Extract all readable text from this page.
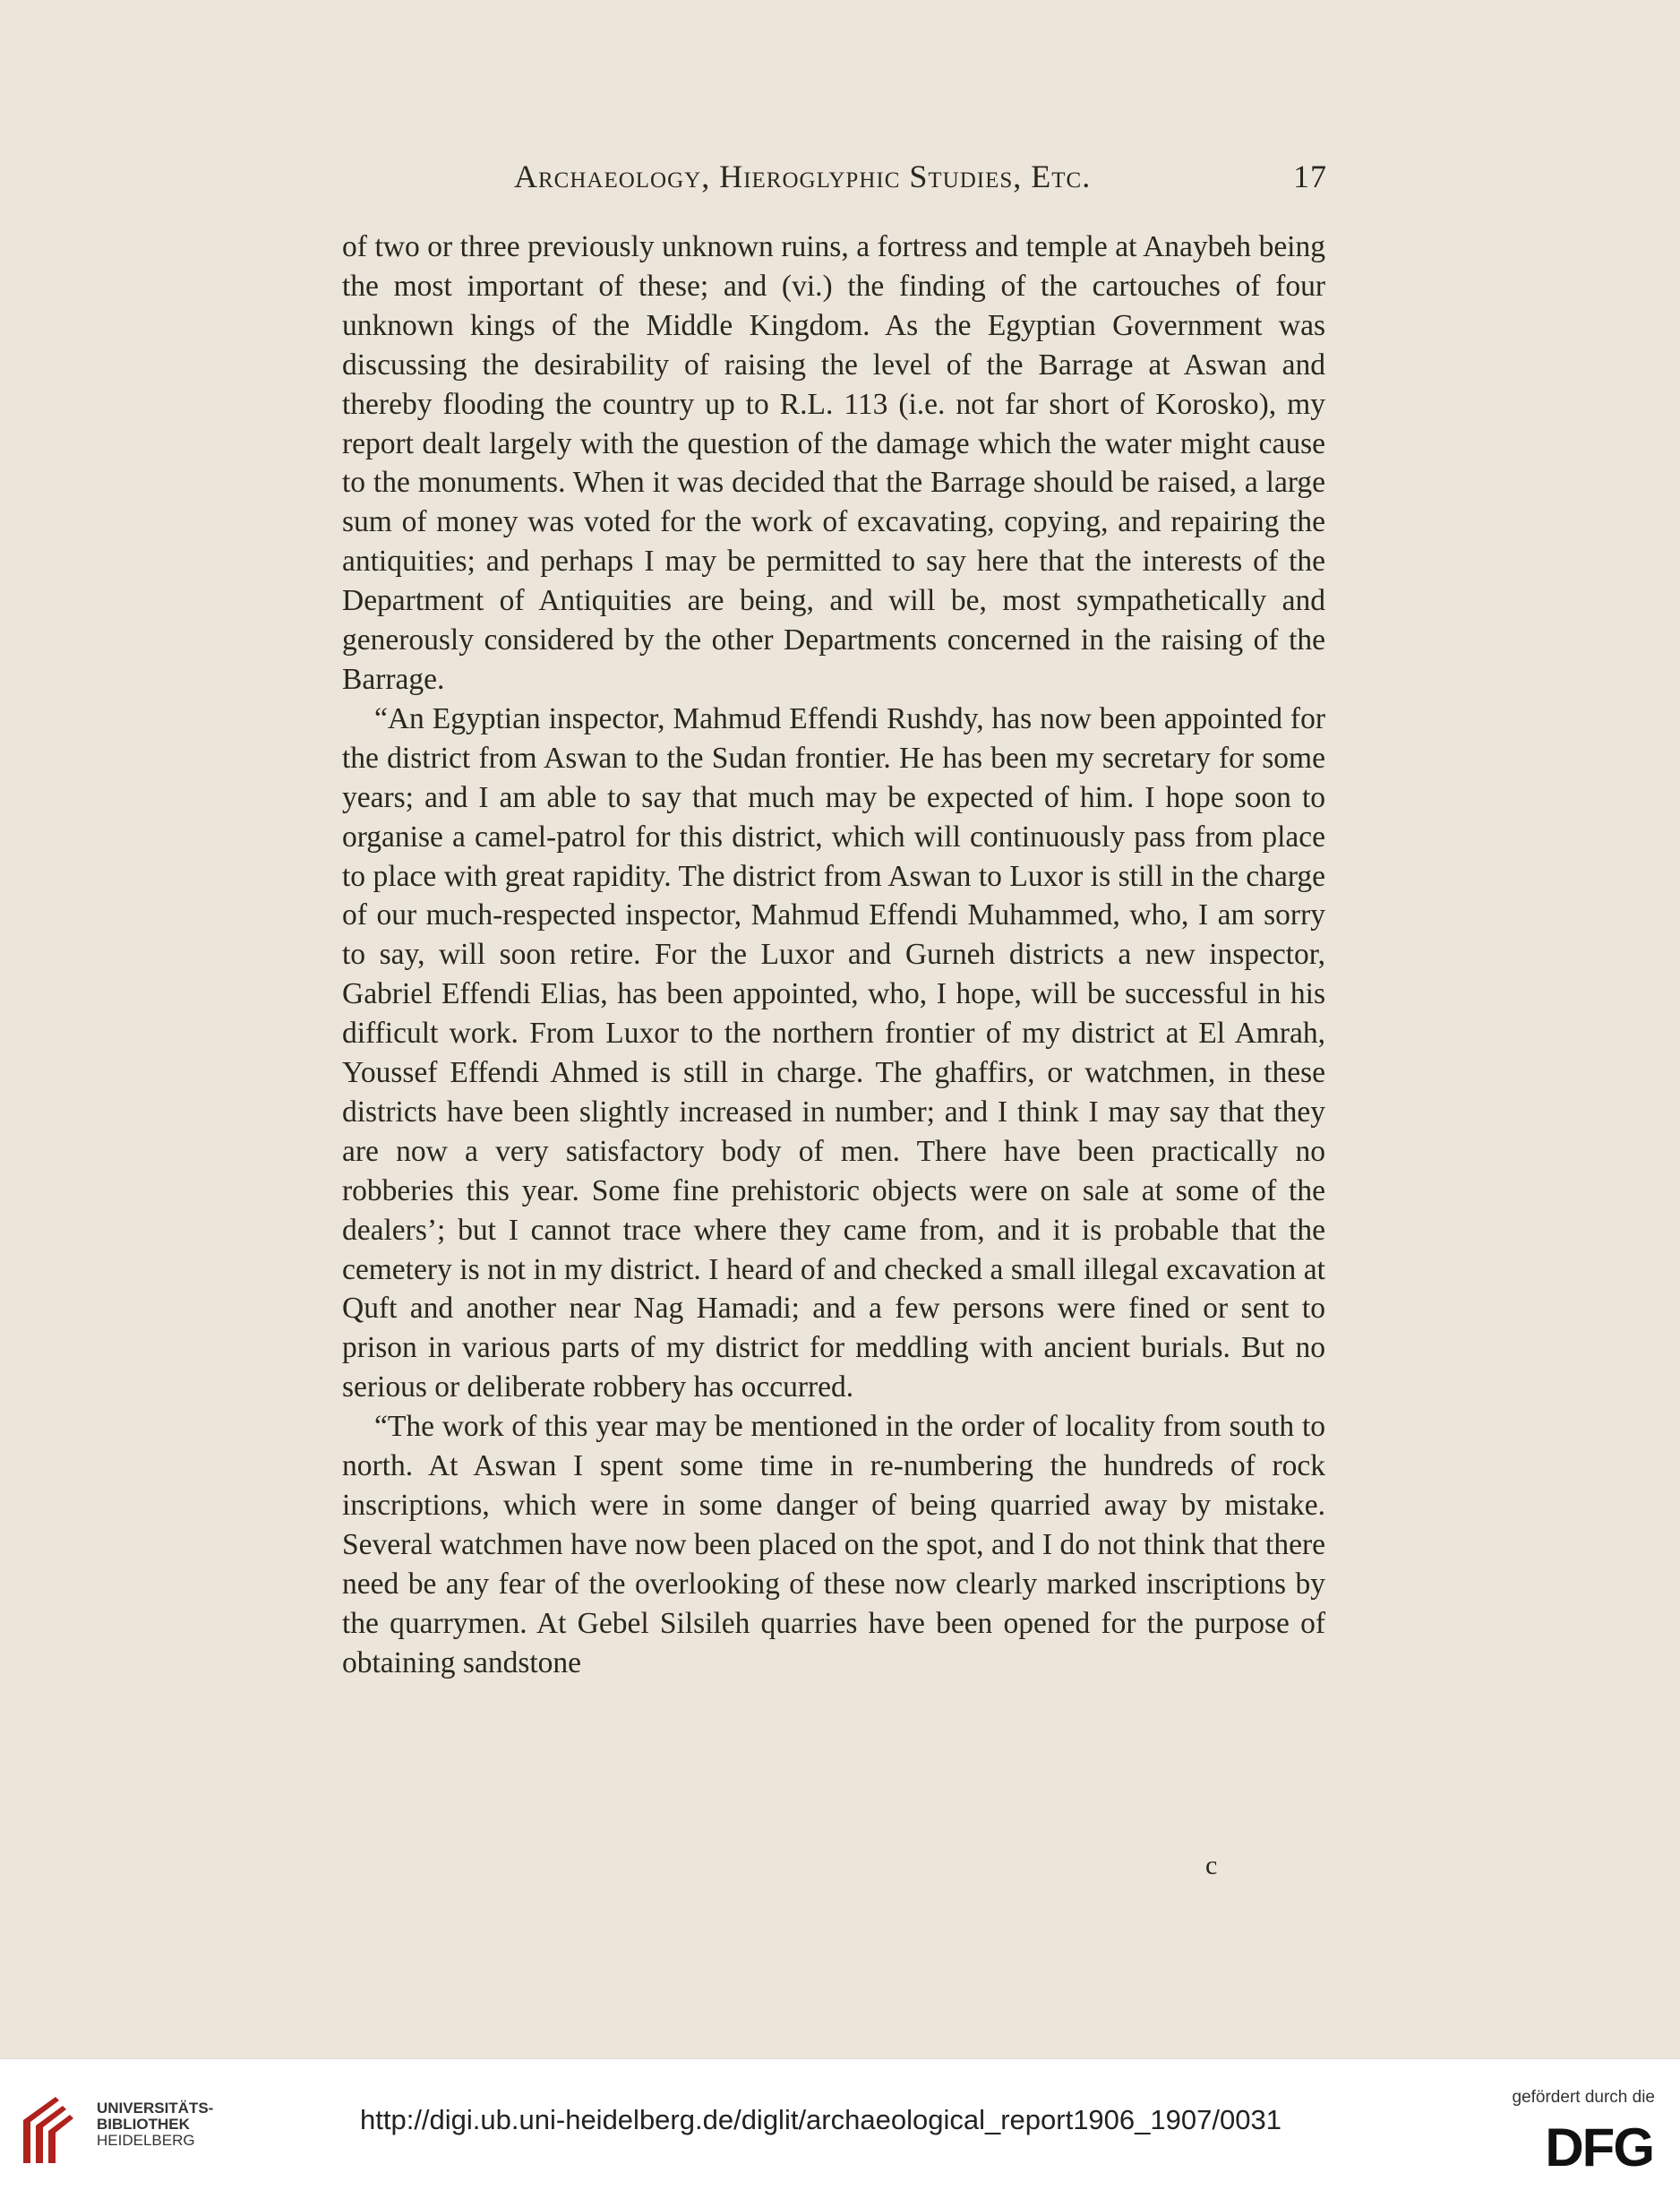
Archaeology, Hieroglyphic Studies, Etc.	17

of two or three previously unknown ruins, a fortress and temple at Anaybeh being the most important of these; and (vi.) the finding of the cartouches of four unknown kings of the Middle Kingdom. As the Egyptian Government was discussing the desirability of raising the level of the Barrage at Aswan and thereby flooding the country up to R.L. 113 (i.e. not far short of Korosko), my report dealt largely with the question of the damage which the water might cause to the monuments. When it was decided that the Barrage should be raised, a large sum of money was voted for the work of excavating, copying, and repairing the antiquities; and perhaps I may be permitted to say here that the interests of the Department of Antiquities are being, and will be, most sympathetically and generously considered by the other Departments concerned in the raising of the Barrage.

“An Egyptian inspector, Mahmud Effendi Rushdy, has now been appointed for the district from Aswan to the Sudan frontier. He has been my secretary for some years; and I am able to say that much may be expected of him. I hope soon to organise a camel-patrol for this district, which will continuously pass from place to place with great rapidity. The district from Aswan to Luxor is still in the charge of our much-respected inspector, Mahmud Effendi Muhammed, who, I am sorry to say, will soon retire. For the Luxor and Gurneh districts a new inspector, Gabriel Effendi Elias, has been appointed, who, I hope, will be successful in his difficult work. From Luxor to the northern frontier of my district at El Amrah, Youssef Effendi Ahmed is still in charge. The ghaffirs, or watchmen, in these districts have been slightly increased in number; and I think I may say that they are now a very satisfactory body of men. There have been practically no robberies this year. Some fine prehistoric objects were on sale at some of the dealers’; but I cannot trace where they came from, and it is probable that the cemetery is not in my district. I heard of and checked a small illegal excavation at Quft and another near Nag Hamadi; and a few persons were fined or sent to prison in various parts of my district for meddling with ancient burials. But no serious or deliberate robbery has occurred.

“The work of this year may be mentioned in the order of locality from south to north. At Aswan I spent some time in re-numbering the hundreds of rock inscriptions, which were in some danger of being quarried away by mistake. Several watchmen have now been placed on the spot, and I do not think that there need be any fear of the overlooking of these now clearly marked inscriptions by the quarrymen. At Gebel Silsileh quarries have been opened for the purpose of obtaining sandstone

c
UNIVERSITÄTS-
BIBLIOTHEK
HEIDELBERG
http://digi.ub.uni-heidelberg.de/diglit/archaeological_report1906_1907/0031
gefördert durch die
DFG
